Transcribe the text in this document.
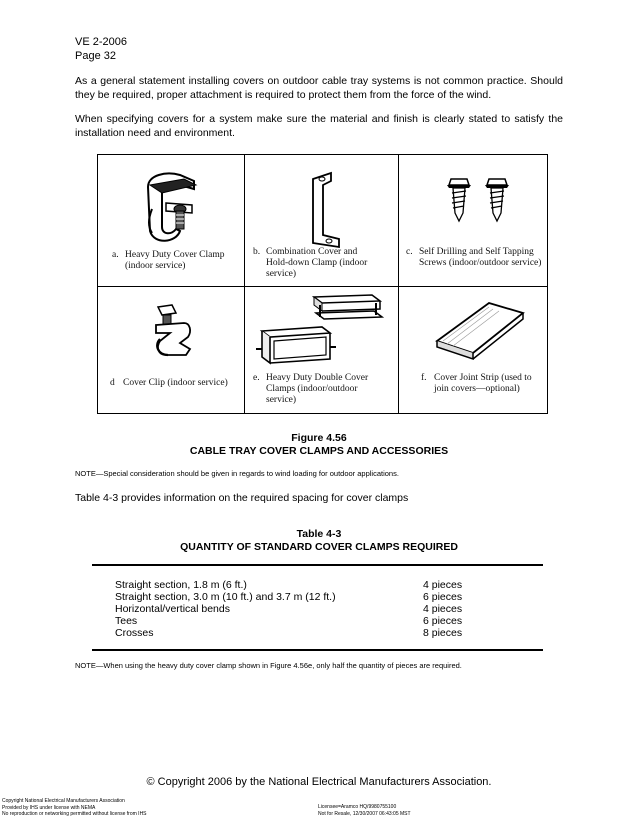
VE 2-2006
Page 32

As a general statement installing covers on outdoor cable tray systems is not common practice. Should they be required, proper attachment is required to protect them from the force of the wind.

When specifying covers for a system make sure the material and finish is clearly stated to satisfy the installation need and environment.

a. Heavy Duty Cover Clamp
(indoor service)
b. Combination Cover and
Hold-down Clamp (indoor
service)
c. Self Drilling and Self Tapping
Screws (indoor/outdoor service)
d Cover Clip (indoor service)	e. Heavy Duty Double Cover
Clamps (indoor/outdoor
service)
f. Cover Joint Strip (used to
join covers—optional)
Figure 4.56
CABLE TRAY COVER CLAMPS AND ACCESSORIES
NOTE—Special consideration should be given in regards to wind loading for outdoor applications.
Table 4-3 provides information on the required spacing for cover clamps
Table 4-3
QUANTITY OF STANDARD COVER CLAMPS REQUIRED
Straight section, 1.8 m (6 ft.)	4 pieces
Straight section, 3.0 m (10 ft.) and 3.7 m (12 ft.)	6 pieces
Horizontal/vertical bends	4 pieces
Tees	6 pieces
Crosses	8 pieces
NOTE—When using the heavy duty cover clamp shown in Figure 4.56e, only half the quantity of pieces are required.
© Copyright 2006 by the National Electrical Manufacturers Association.
Copyright National Electrical Manufacturers Association
Provided by IHS under license with NEMA
No reproduction or networking permitted without license from IHS
Licensee=Aramco HQ/9980755100
Not for Resale, 12/30/2007 06:43:05 MST
